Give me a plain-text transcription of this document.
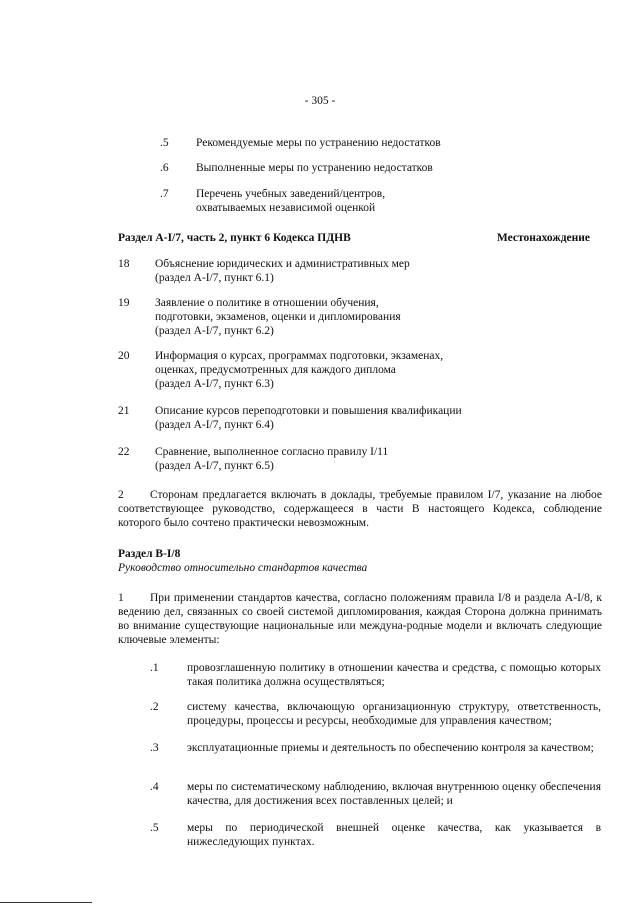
- 305 -
.5	Рекомендуемые меры по устранению недостатков
.6	Выполненные меры по устранению недостатков
.7	Перечень учебных заведений/центров,
охватываемых независимой оценкой
Раздел A-I/7, часть 2, пункт 6 Кодекса ПДНВ	Местонахождение
18 Объяснение юридических и административных мер
(раздел A-I/7, пункт 6.1)
19 Заявление о политике в отношении обучения,
подготовки, экзаменов, оценки и дипломирования
(раздел A-I/7, пункт 6.2)
20 Информация о курсах, программах подготовки, экзаменах,
оценках, предусмотренных для каждого диплома
(раздел A-I/7, пункт 6.3)
21 Описание курсов переподготовки и повышения квалификации
(раздел A-I/7, пункт 6.4)
22 Сравнение, выполненное согласно правилу I/11
(раздел A-I/7, пункт 6.5)
2 Сторонам предлагается включать в доклады, требуемые правилом I/7, указание на любое соответствующее руководство, содержащееся в части В настоящего Кодекса, соблюдение которого было сочтено практически невозможным.
Раздел B-I/8
Руководство относительно стандартов качества
1 При применении стандартов качества, согласно положениям правила I/8 и раздела A-I/8, к ведению дел, связанных со своей системой дипломирования, каждая Сторона должна принимать во внимание существующие национальные или междуна-родные модели и включать следующие ключевые элементы:
.1 провозглашенную политику в отношении качества и средства, с помощью которых такая политика должна осуществляться;
.2 систему качества, включающую организационную структуру, ответственность, процедуры, процессы и ресурсы, необходимые для управления качеством;
.3 эксплуатационные приемы и деятельность по обеспечению контроля за качеством;
.4 меры по систематическому наблюдению, включая внутреннюю оценку обеспечения качества, для достижения всех поставленных целей; и
.5 меры по периодической внешней оценке качества, как указывается в нижеследующих пунктах.
